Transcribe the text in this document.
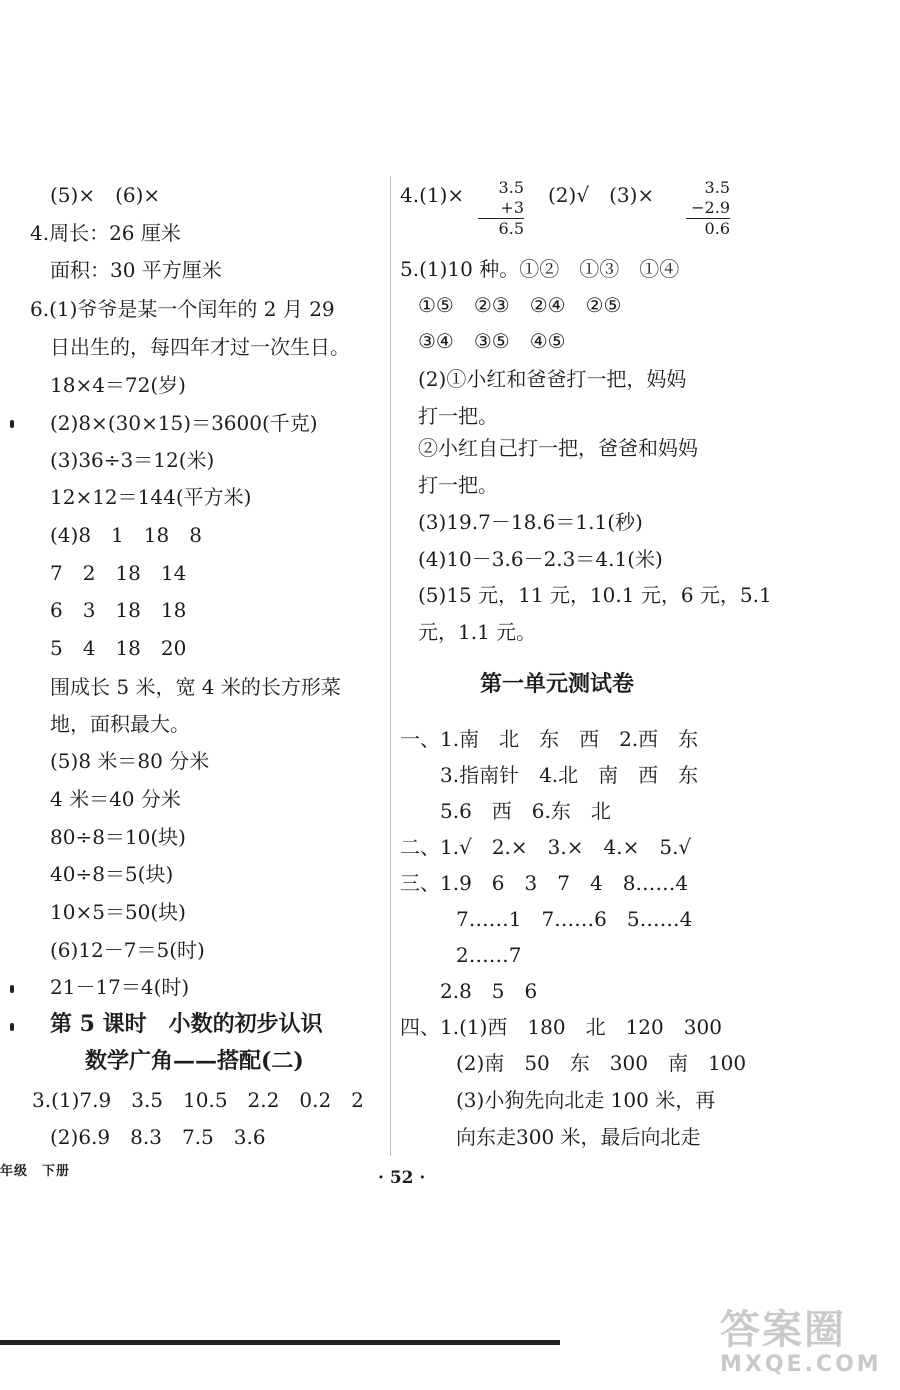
(5)×　(6)×
4.周长：26 厘米
面积：30 平方厘米
6.(1)爷爷是某一个闰年的 2 月 29
日出生的，每四年才过一次生日。
18×4＝72(岁)
(2)8×(30×15)＝3600(千克)
(3)36÷3＝12(米)
12×12＝144(平方米)
(4)8　1　18　8
7　2　18　14
6　3　18　18
5　4　18　20
围成长 5 米，宽 4 米的长方形菜
地，面积最大。
(5)8 米＝80 分米
4 米＝40 分米
80÷8＝10(块)
40÷8＝5(块)
10×5＝50(块)
(6)12－7＝5(时)
21－17＝4(时)
第 5 课时　小数的初步认识
数学广角——搭配(二)
3.(1)7.9　3.5　10.5　2.2　0.2　2
(2)6.9　8.3　7.5　3.6
4.(1)×	3.5
+3
6.5
(2)√　(3)×	3.5
−2.9
0.6
5.(1)10 种。①②　①③　①④
①⑤　②③　②④　②⑤
③④　③⑤　④⑤
(2)①小红和爸爸打一把，妈妈
打一把。
②小红自己打一把，爸爸和妈妈
打一把。
(3)19.7－18.6＝1.1(秒)
(4)10－3.6－2.3＝4.1(米)
(5)15 元，11 元，10.1 元，6 元，5.1
元，1.1 元。
第一单元测试卷
一、1.南　北　东　西　2.西　东
3.指南针　4.北　南　西　东
5.6　西　6.东　北
二、1.√　2.×　3.×　4.×　5.√
三、1.9　6　3　7　4　8……4
7……1　7……6　5……4
2……7
2.8　5　6
四、1.(1)西　180　北　120　300
(2)南　50　东　300　南　100
(3)小狗先向北走 100 米，再
向东走300 米，最后向北走
年级　下册	· 52 ·
答案圈
MXQE.COM
